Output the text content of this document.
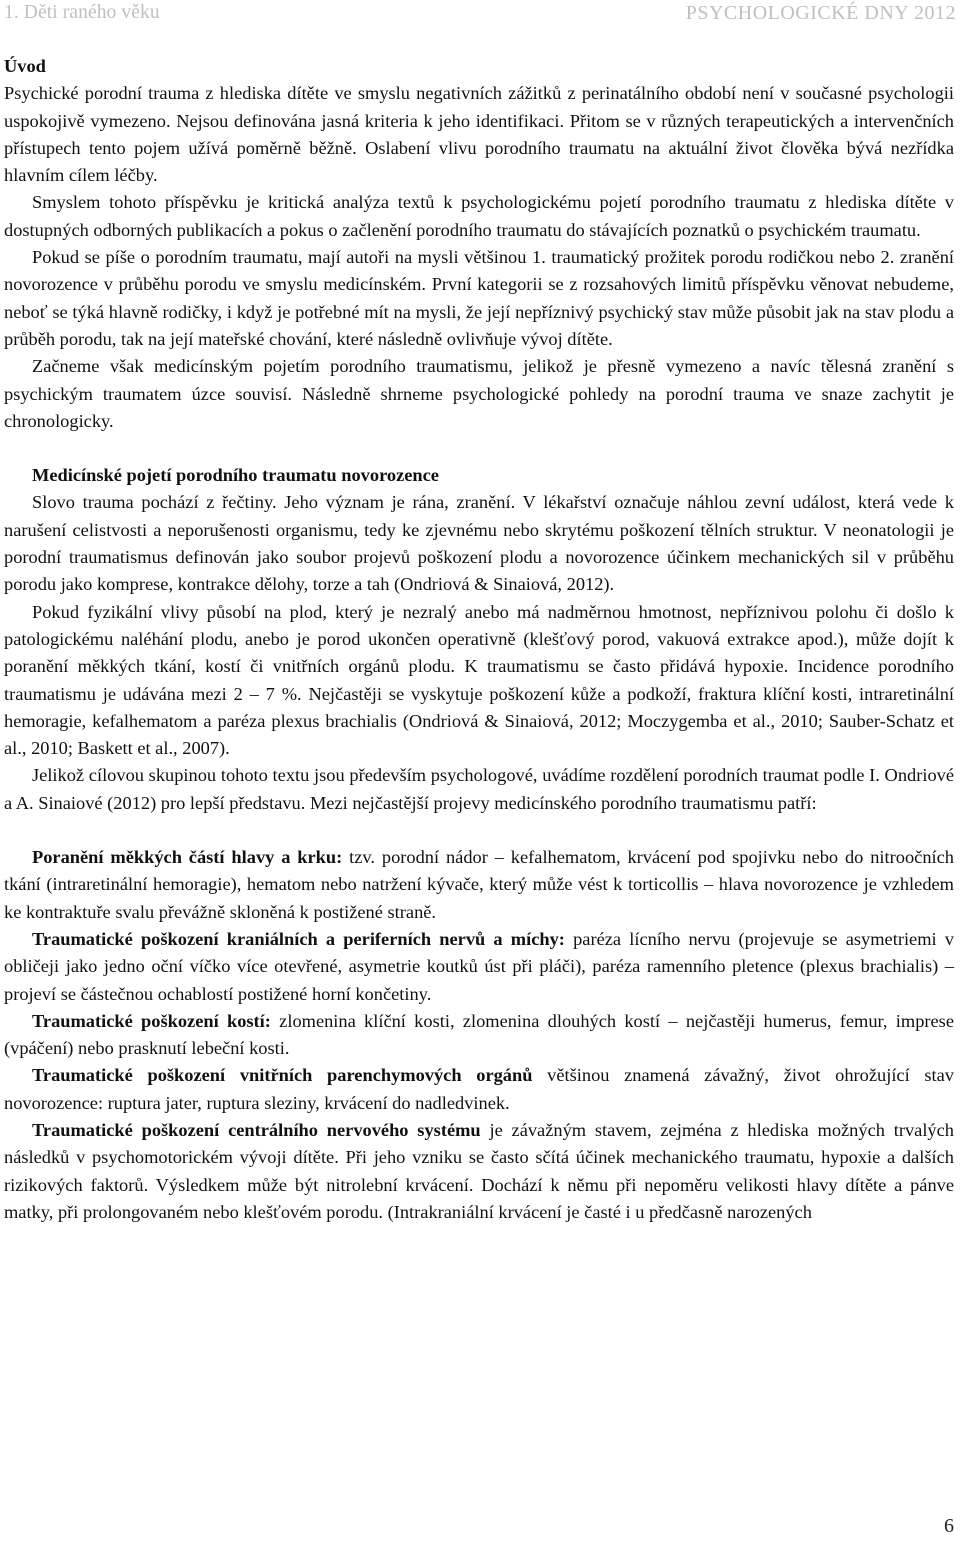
1. Děti raného věku	PSYCHOLOGICKÉ DNY 2012
Úvod

Psychické porodní trauma z hlediska dítěte ve smyslu negativních zážitků z perinatálního období není v současné psychologii uspokojivě vymezeno. Nejsou definována jasná kriteria k jeho identifikaci. Přitom se v různých terapeutických a intervenčních přístupech tento pojem užívá poměrně běžně. Oslabení vlivu porodního traumatu na aktuální život člověka bývá nezřídka hlavním cílem léčby.

Smyslem tohoto příspěvku je kritická analýza textů k psychologickému pojetí porodního traumatu z hlediska dítěte v dostupných odborných publikacích a pokus o začlenění porodního traumatu do stávajících poznatků o psychickém traumatu.

Pokud se píše o porodním traumatu, mají autoři na mysli většinou 1. traumatický prožitek porodu rodičkou nebo 2. zranění novorozence v průběhu porodu ve smyslu medicínském. První kategorii se z rozsahových limitů příspěvku věnovat nebudeme, neboť se týká hlavně rodičky, i když je potřebné mít na mysli, že její nepříznivý psychický stav může působit jak na stav plodu a průběh porodu, tak na její mateřské chování, které následně ovlivňuje vývoj dítěte.

Začneme však medicínským pojetím porodního traumatismu, jelikož je přesně vymezeno a navíc tělesná zranění s psychickým traumatem úzce souvisí. Následně shrneme psychologické pohledy na porodní trauma ve snaze zachytit je chronologicky.

Medicínské pojetí porodního traumatu novorozence

Slovo trauma pochází z řečtiny. Jeho význam je rána, zranění. V lékařství označuje náhlou zevní událost, která vede k narušení celistvosti a neporušenosti organismu, tedy ke zjevnému nebo skrytému poškození tělních struktur. V neonatologii je porodní traumatismus definován jako soubor projevů poškození plodu a novorozence účinkem mechanických sil v průběhu porodu jako komprese, kontrakce dělohy, torze a tah (Ondriová & Sinaiová, 2012).

Pokud fyzikální vlivy působí na plod, který je nezralý anebo má nadměrnou hmotnost, nepříznivou polohu či došlo k patologickému naléhání plodu, anebo je porod ukončen operativně (klešťový porod, vakuová extrakce apod.), může dojít k poranění měkkých tkání, kostí či vnitřních orgánů plodu. K traumatismu se často přidává hypoxie. Incidence porodního traumatismu je udávána mezi 2 – 7 %. Nejčastěji se vyskytuje poškození kůže a podkoží, fraktura klíční kosti, intraretinální hemoragie, kefalhematom a paréza plexus brachialis (Ondriová & Sinaiová, 2012; Moczygemba et al., 2010; Sauber-Schatz et al., 2010; Baskett et al., 2007).

Jelikož cílovou skupinou tohoto textu jsou především psychologové, uvádíme rozdělení porodních traumat podle I. Ondriové a A. Sinaiové (2012) pro lepší představu. Mezi nejčastější projevy medicínského porodního traumatismu patří:

Poranění měkkých částí hlavy a krku: tzv. porodní nádor – kefalhematom, krvácení pod spojivku nebo do nitroočních tkání (intraretinální hemoragie), hematom nebo natržení kývače, který může vést k torticollis – hlava novorozence je vzhledem ke kontraktuře svalu převážně skloněná k postižené straně.

Traumatické poškození kraniálních a periferních nervů a míchy: paréza lícního nervu (projevuje se asymetriemi v obličeji jako jedno oční víčko více otevřené, asymetrie koutků úst při pláči), paréza ramenního pletence (plexus brachialis) – projeví se částečnou ochablostí postižené horní končetiny.

Traumatické poškození kostí: zlomenina klíční kosti, zlomenina dlouhých kostí – nejčastěji humerus, femur, imprese (vpáčení) nebo prasknutí lebeční kosti.

Traumatické poškození vnitřních parenchymových orgánů většinou znamená závažný, život ohrožující stav novorozence: ruptura jater, ruptura sleziny, krvácení do nadledvinek.

Traumatické poškození centrálního nervového systému je závažným stavem, zejména z hlediska možných trvalých následků v psychomotorickém vývoji dítěte. Při jeho vzniku se často sčítá účinek mechanického traumatu, hypoxie a dalších rizikových faktorů. Výsledkem může být nitrolební krvácení. Dochází k němu při nepoměru velikosti hlavy dítěte a pánve matky, při prolongovaném nebo klešťovém porodu. (Intrakraniální krvácení je časté i u předčasně narozených

6
